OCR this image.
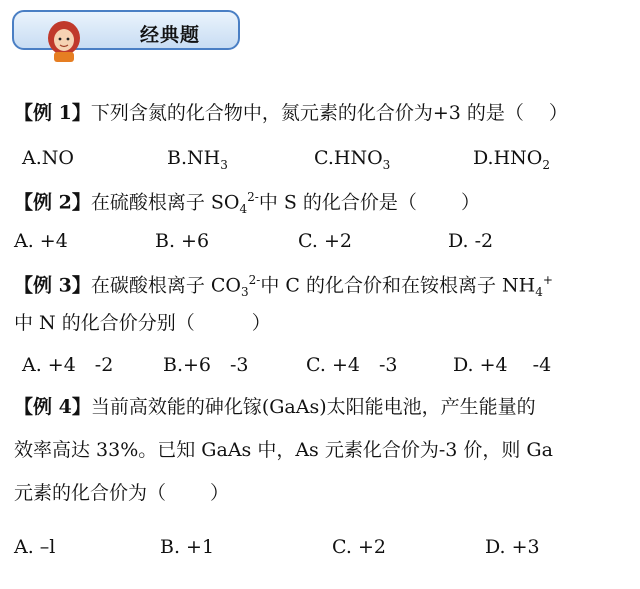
经典题
【例 1】下列含氮的化合物中，氮元素的化合价为+3 的是（　 ）
A.NO	$B.NH_3$	$C.HNO_3$	$D.HNO_2$
【例 2】在硫酸根离子 $SO_4^{2-}$中 S 的化合价是（　　 ）
A. +4	B. +6	C. +2	D. -2
【例 3】在碳酸根离子 $CO_3^{2-}$中 C 的化合价和在铵根离子 $NH_4^+$
中 N 的化合价分别（　　　）
A. +4　-2	B.+6　-3	C. +4　-3	D. +4　 -4
【例 4】当前高效能的砷化镓(GaAs)太阳能电池，产生能量的
效率高达 33%。已知 GaAs 中，As 元素化合价为-3 价，则 Ga
元素的化合价为（　　 ）
A. –l	B. +1	C. +2	D. +3
